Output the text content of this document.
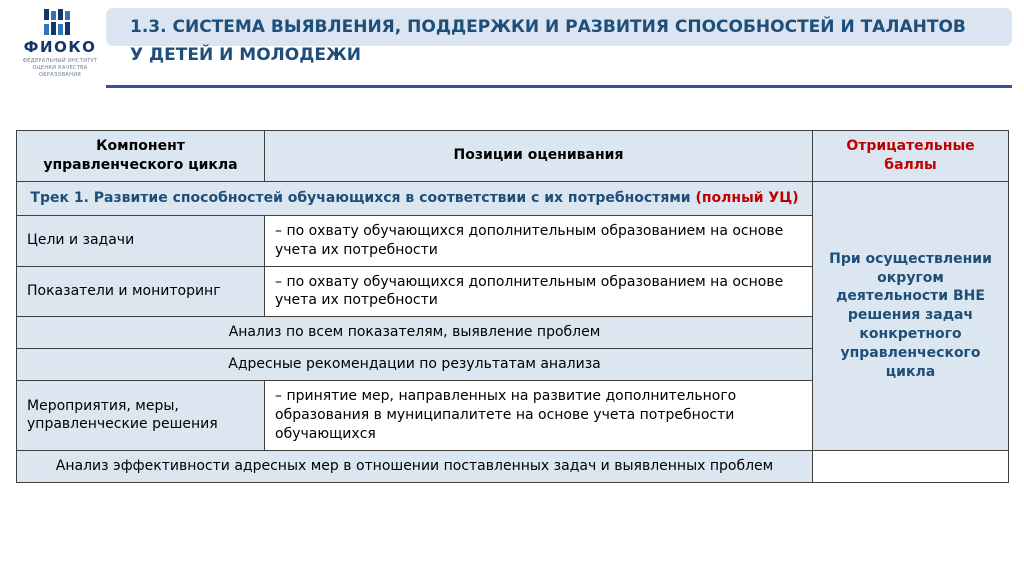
ФИОКО
ФЕДЕРАЛЬНЫЙ ИНСТИТУТ ОЦЕНКИ КАЧЕСТВА ОБРАЗОВАНИЯ
1.3. СИСТЕМА ВЫЯВЛЕНИЯ, ПОДДЕРЖКИ И РАЗВИТИЯ СПОСОБНОСТЕЙ И ТАЛАНТОВ
У ДЕТЕЙ И МОЛОДЕЖИ
Компонент управленческого цикла	Позиции оценивания	Отрицательные баллы
Трек 1. Развитие способностей обучающихся в соответствии с их потребностями (полный УЦ)		При осуществлении округом деятельности ВНЕ решения задач конкретного управленческого цикла
Цели и задачи	– по охвату обучающихся дополнительным образованием на основе учета их потребности	
Показатели и мониторинг	– по охвату обучающихся дополнительным образованием на основе учета их потребности	
Анализ по всем показателям, выявление проблем		
Адресные рекомендации по результатам анализа		
Мероприятия, меры, управленческие решения	– принятие мер, направленных на развитие дополнительного образования в муниципалитете на основе учета потребности обучающихся	
Анализ эффективности адресных мер в отношении поставленных задач и выявленных проблем		
